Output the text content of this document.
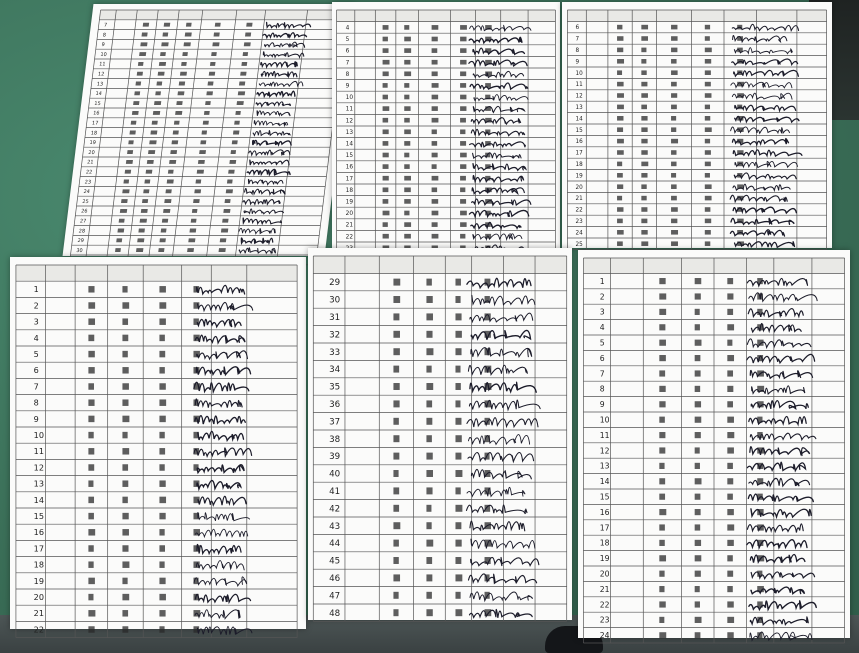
7
8
9
10
11
12
13
14
15
16
17
18
19
20
21
22
23
24
25
26
27
28
29
30
4
5
6
7
8
9
10
11
12
13
14
15
16
17
18
19
20
21
22
6
7
8
9
10
11
12
13
14
15
16
17
18
19
20
21
22
23
24
25
1
2
3
4
5
6
7
8
9
10
11
12
13
14
15
16
17
18
19
20
21
22
29
30
31
32
33
34
35
36
37
38
39
40
41
42
43
44
45
46
47
48
1
2
3
4
5
6
7
8
9
10
11
12
13
14
15
16
17
18
19
20
21
22
23
24
